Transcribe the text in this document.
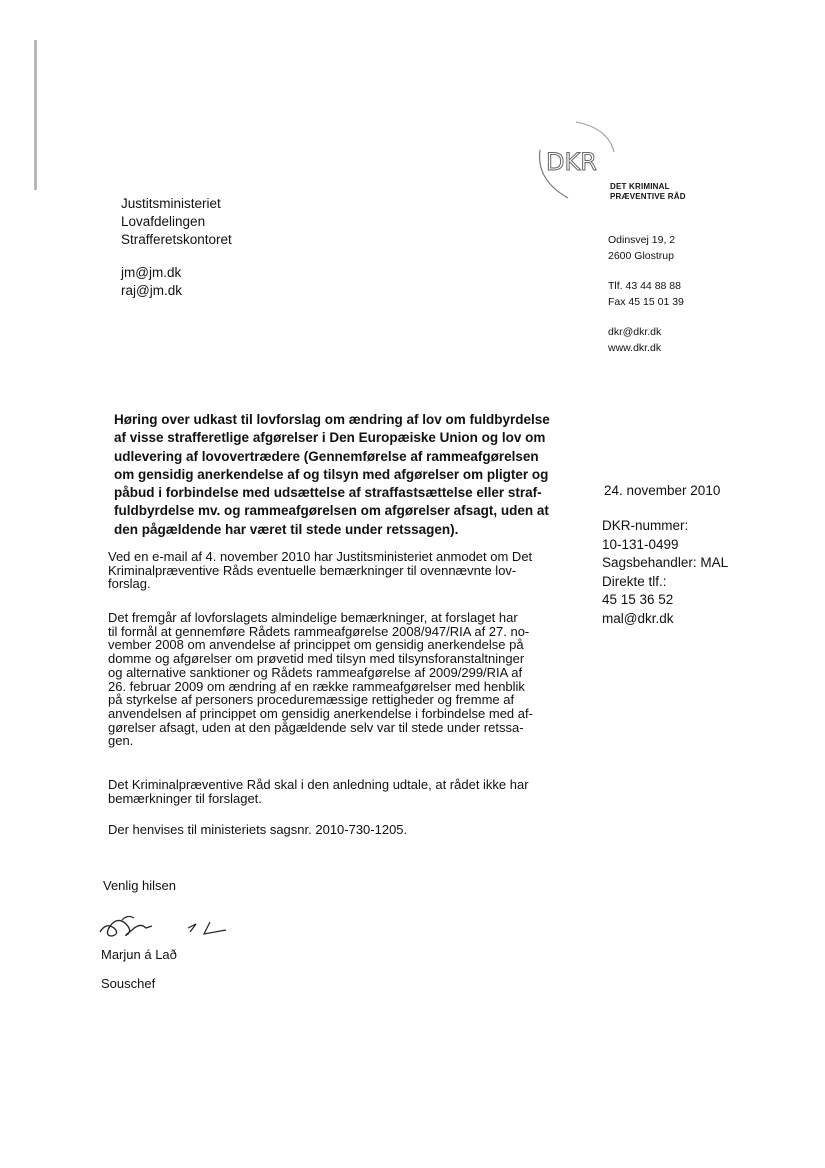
Justitsministeriet
Lovafdelingen
Strafferetskontoret
jm@jm.dk
raj@jm.dk
DKR
DET KRIMINAL
PRÆVENTIVE RÅD
Odinsvej 19, 2
2600 Glostrup
Tlf. 43 44 88 88
Fax 45 15 01 39
dkr@dkr.dk
www.dkr.dk
Høring over udkast til lovforslag om ændring af lov om fuldbyrdelse
af visse strafferetlige afgørelser i Den Europæiske Union og lov om
udlevering af lovovertrædere (Gennemførelse af rammeafgørelsen
om gensidig anerkendelse af og tilsyn med afgørelser om pligter og
påbud i forbindelse med udsættelse af straffastsættelse eller straf-
fuldbyrdelse mv. og rammeafgørelsen om afgørelser afsagt, uden at
den pågældende har været til stede under retssagen).
24. november 2010
DKR-nummer:
10-131-0499
Sagsbehandler: MAL
Direkte tlf.:
45 15 36 52
mal@dkr.dk
Ved en e-mail af 4. november 2010 har Justitsministeriet anmodet om Det
Kriminalpræventive Råds eventuelle bemærkninger til ovennævnte lov-
forslag.
Det fremgår af lovforslagets almindelige bemærkninger, at forslaget har
til formål at gennemføre Rådets rammeafgørelse 2008/947/RIA af 27. no-
vember 2008 om anvendelse af princippet om gensidig anerkendelse på
domme og afgørelser om prøvetid med tilsyn med tilsynsforanstaltninger
og alternative sanktioner og Rådets rammeafgørelse af 2009/299/RIA af
26. februar 2009 om ændring af en række rammeafgørelser med henblik
på styrkelse af personers proceduremæssige rettigheder og fremme af
anvendelsen af princippet om gensidig anerkendelse i forbindelse med af-
gørelser afsagt, uden at den pågældende selv var til stede under retssa-
gen.
Det Kriminalpræventive Råd skal i den anledning udtale, at rådet ikke har
bemærkninger til forslaget.
Der henvises til ministeriets sagsnr. 2010-730-1205.
Venlig hilsen
Marjun á Lað
Souschef
